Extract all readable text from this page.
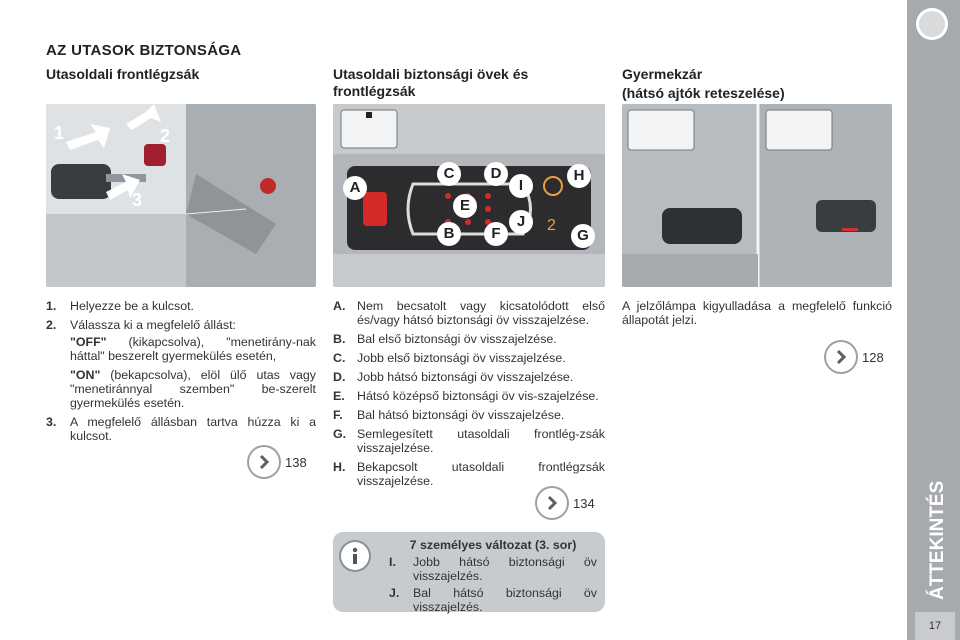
AZ UTASOK BIZTONSÁGA
Utasoldali frontlégzsák
1	2
3
1.	Helyezze be a kulcsot.
2.	Válassza ki a megfelelő állást:
"OFF" (kikapcsolva), "menetirány-nak háttal" beszerelt gyermekülés esetén,
"ON" (bekapcsolva), elöl ülő utas vagy "menetiránnyal szemben" be-szerelt gyermekülés esetén.
3.	A megfelelő állásban tartva húzza ki a kulcsot.
138
Utasoldali biztonsági övek és frontlégzsák
2
A
B
C	D
E
F	G
H
I
J
A. Nem becsatolt vagy kicsatolódott első és/vagy hátsó biztonsági öv visszajelzése.
B. Bal első biztonsági öv visszajelzése.
C. Jobb első biztonsági öv visszajelzése.
D. Jobb hátsó biztonsági öv visszajelzése.
E. Hátsó középső biztonsági öv vis-szajelzése.
F.	Bal hátsó biztonsági öv visszajelzése.
G. Semlegesített utasoldali frontlég-zsák visszajelzése.
H. Bekapcsolt utasoldali frontlégzsák visszajelzése.
134
7 személyes változat (3. sor)
I.	Jobb hátsó biztonsági öv visszajelzés.
J.	Bal hátsó biztonsági öv visszajelzés.
Gyermekzár
(hátsó ajtók reteszelése)
A jelzőlámpa kigyulladása a megfelelő funkció állapotát jelzi.
128
ÁTTEKINTÉS
17
